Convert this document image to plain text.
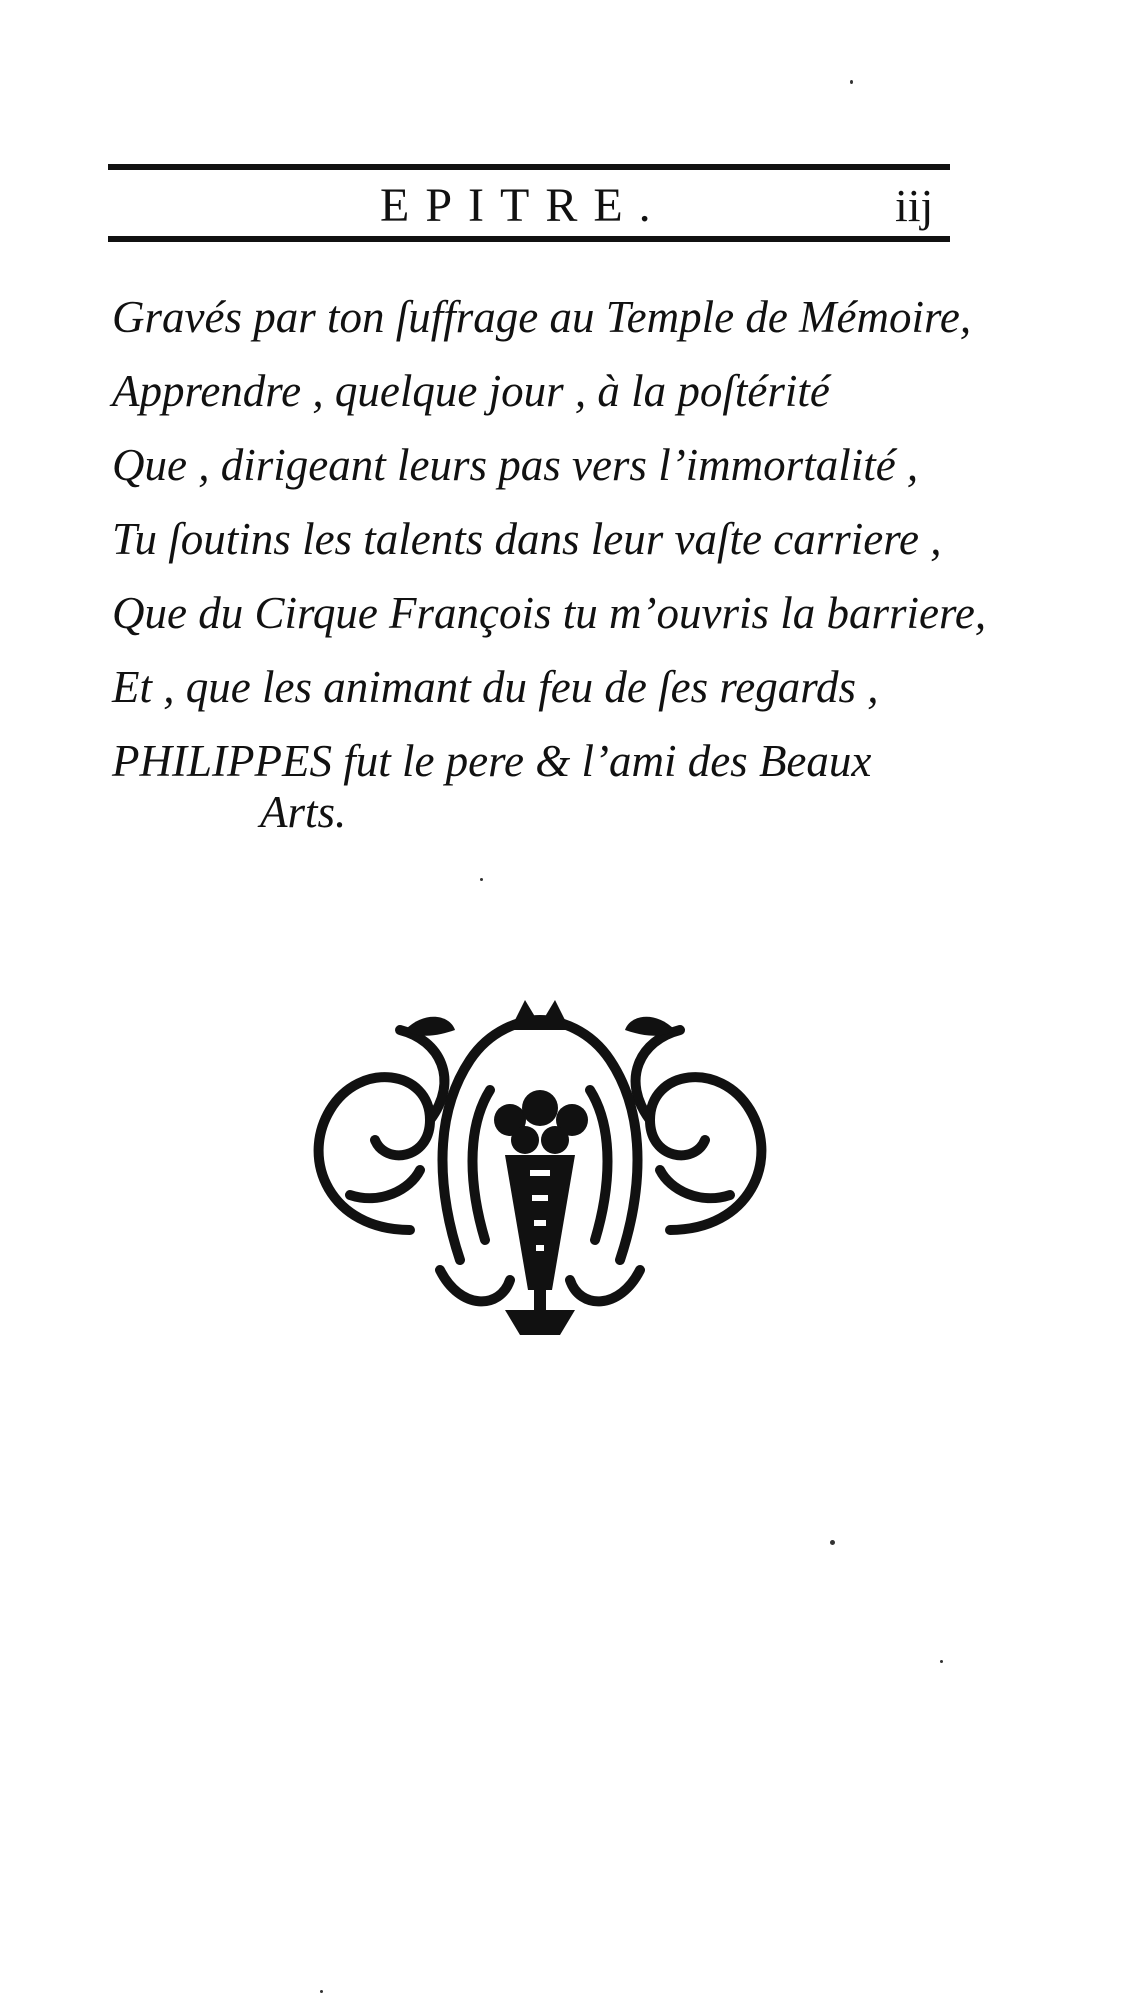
EPITRE.	iij
Gravés par ton ſuffrage au Temple de Mémoire,
Apprendre , quelque jour , à la poſtérité
Que , dirigeant leurs pas vers l’immortalité ,
Tu ſoutins les talents dans leur vaſte carriere ,
Que du Cirque François tu m’ouvris la barriere,
Et , que les animant du feu de ſes regards ,
PHILIPPES fut le pere & l’ami des Beaux
Arts.
